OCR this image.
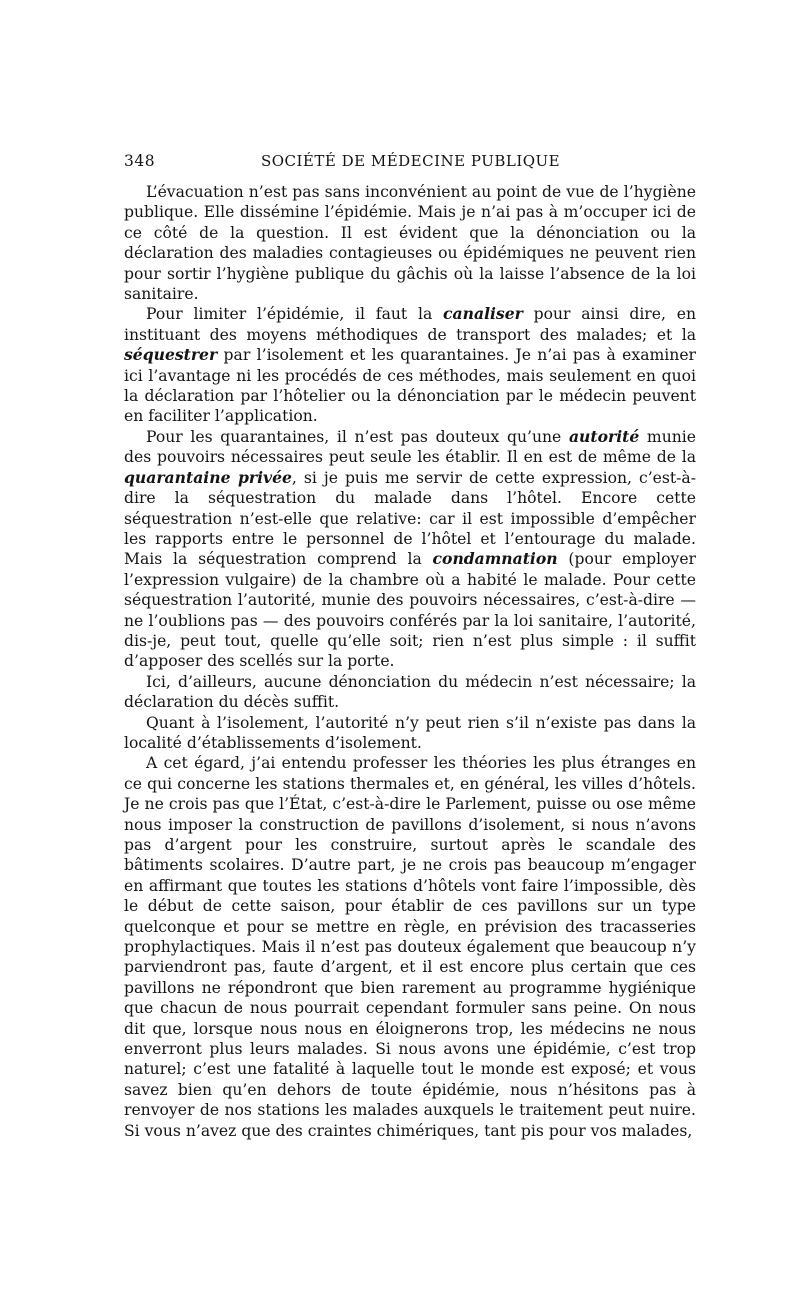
348	SOCIÉTÉ DE MÉDECINE PUBLIQUE

L’évacuation n’est pas sans inconvénient au point de vue de l’hygiène publique. Elle dissémine l’épidémie. Mais je n’ai pas à m’occuper ici de ce côté de la question. Il est évident que la dénonciation ou la déclaration des maladies contagieuses ou épidémiques ne peuvent rien pour sortir l’hygiène publique du gâchis où la laisse l’absence de la loi sanitaire.

Pour limiter l’épidémie, il faut la canaliser pour ainsi dire, en instituant des moyens méthodiques de transport des malades; et la séquestrer par l’isolement et les quarantaines. Je n’ai pas à examiner ici l’avantage ni les procédés de ces méthodes, mais seulement en quoi la déclaration par l’hôtelier ou la dénonciation par le médecin peuvent en faciliter l’application.

Pour les quarantaines, il n’est pas douteux qu’une autorité munie des pouvoirs nécessaires peut seule les établir. Il en est de même de la quarantaine privée, si je puis me servir de cette expression, c’est-à-dire la séquestration du malade dans l’hôtel. Encore cette séquestration n’est-elle que relative: car il est impossible d’empêcher les rapports entre le personnel de l’hôtel et l’entourage du malade. Mais la séquestration comprend la condamnation (pour employer l’expression vulgaire) de la chambre où a habité le malade. Pour cette séquestration l’autorité, munie des pouvoirs nécessaires, c’est-à-dire — ne l’oublions pas — des pouvoirs conférés par la loi sanitaire, l’autorité, dis-je, peut tout, quelle qu’elle soit; rien n’est plus simple : il suffit d’apposer des scellés sur la porte.

Ici, d’ailleurs, aucune dénonciation du médecin n’est nécessaire; la déclaration du décès suffit.

Quant à l’isolement, l’autorité n’y peut rien s’il n’existe pas dans la localité d’établissements d’isolement.

A cet égard, j’ai entendu professer les théories les plus étranges en ce qui concerne les stations thermales et, en général, les villes d’hôtels. Je ne crois pas que l’État, c’est-à-dire le Parlement, puisse ou ose même nous imposer la construction de pavillons d’isolement, si nous n’avons pas d’argent pour les construire, surtout après le scandale des bâtiments scolaires. D’autre part, je ne crois pas beaucoup m’engager en affirmant que toutes les stations d’hôtels vont faire l’impossible, dès le début de cette saison, pour établir de ces pavillons sur un type quelconque et pour se mettre en règle, en prévision des tracasseries prophylactiques. Mais il n’est pas douteux également que beaucoup n’y parviendront pas, faute d’argent, et il est encore plus certain que ces pavillons ne répondront que bien rarement au programme hygiénique que chacun de nous pourrait cependant formuler sans peine. On nous dit que, lorsque nous nous en éloignerons trop, les médecins ne nous enverront plus leurs malades. Si nous avons une épidémie, c’est trop naturel; c’est une fatalité à laquelle tout le monde est exposé; et vous savez bien qu’en dehors de toute épidémie, nous n’hésitons pas à renvoyer de nos stations les malades auxquels le traitement peut nuire. Si vous n’avez que des craintes chimériques, tant pis pour vos malades,
